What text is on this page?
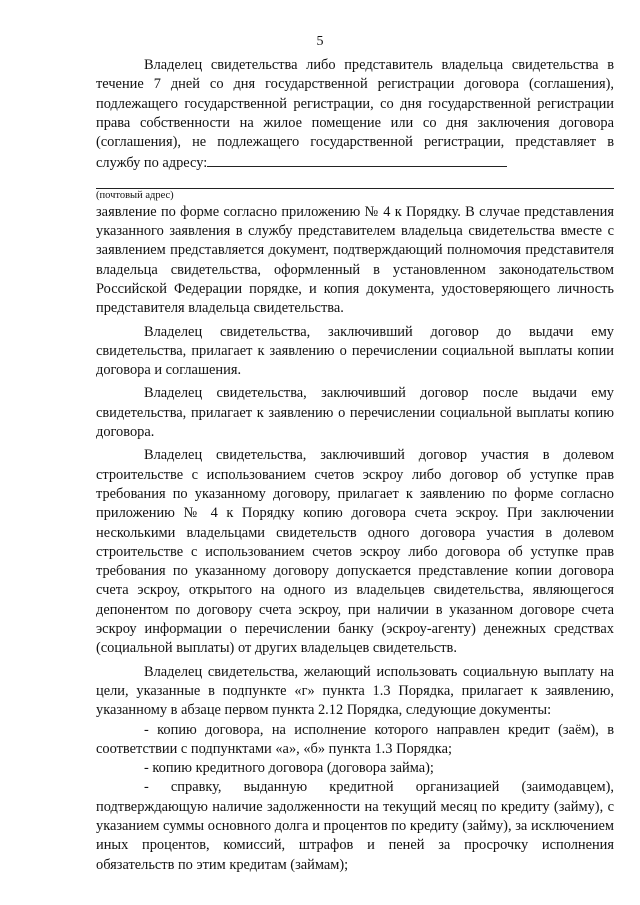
5

Владелец свидетельства либо представитель владельца свидетельства в течение 7 дней со дня государственной регистрации договора (соглашения), подлежащего государственной регистрации, со дня государственной регистрации права собственности на жилое помещение или со дня заключения договора (соглашения), не подлежащего государственной регистрации, представляет в службу по адресу:

(почтовый адрес)

заявление по форме согласно приложению № 4 к Порядку. В случае представления указанного заявления в службу представителем владельца свидетельства вместе с заявлением представляется документ, подтверждающий полномочия представителя владельца свидетельства, оформленный в установленном законодательством Российской Федерации порядке, и копия документа, удостоверяющего личность представителя владельца свидетельства.

Владелец свидетельства, заключивший договор до выдачи ему свидетельства, прилагает к заявлению о перечислении социальной выплаты копии договора и соглашения.

Владелец свидетельства, заключивший договор после выдачи ему свидетельства, прилагает к заявлению о перечислении социальной выплаты копию договора.

Владелец свидетельства, заключивший договор участия в долевом строительстве с использованием счетов эскроу либо договор об уступке прав требования по указанному договору, прилагает к заявлению по форме согласно приложению № 4 к Порядку копию договора счета эскроу. При заключении несколькими владельцами свидетельств одного договора участия в долевом строительстве с использованием счетов эскроу либо договора об уступке прав требования по указанному договору допускается представление копии договора счета эскроу, открытого на одного из владельцев свидетельства, являющегося депонентом по договору счета эскроу, при наличии в указанном договоре счета эскроу информации о перечислении банку (эскроу-агенту) денежных средствах (социальной выплаты) от других владельцев свидетельств.

Владелец свидетельства, желающий использовать социальную выплату на цели, указанные в подпункте «г» пункта 1.3 Порядка, прилагает к заявлению, указанному в абзаце первом пункта 2.12 Порядка, следующие документы:

- копию договора, на исполнение которого направлен кредит (заём), в соответствии с подпунктами «а», «б» пункта 1.3 Порядка;

- копию кредитного договора (договора займа);

- справку, выданную кредитной организацией (заимодавцем), подтверждающую наличие задолженности на текущий месяц по кредиту (займу), с указанием суммы основного долга и процентов по кредиту (займу), за исключением иных процентов, комиссий, штрафов и пеней за просрочку исполнения обязательств по этим кредитам (займам);
